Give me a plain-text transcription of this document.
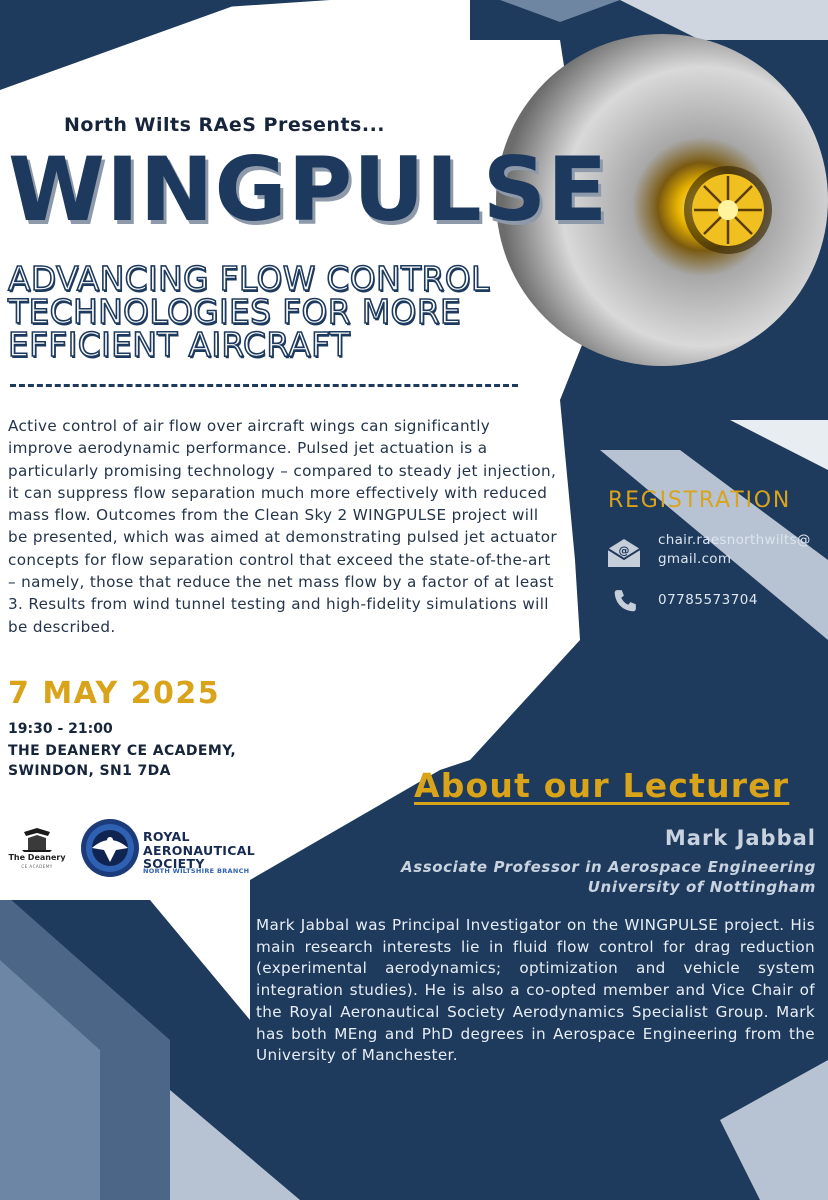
North Wilts RAeS Presents...
WINGPULSE
ADVANCING FLOW CONTROL
TECHNOLOGIES FOR MORE
EFFICIENT AIRCRAFT
Active control of air flow over aircraft wings can significantly improve aerodynamic performance. Pulsed jet actuation is a particularly promising technology – compared to steady jet injection, it can suppress flow separation much more effectively with reduced mass flow. Outcomes from the Clean Sky 2 WINGPULSE project will be presented, which was aimed at demonstrating pulsed jet actuator concepts for flow separation control that exceed the state-of-the-art – namely, those that reduce the net mass flow by a factor of at least 3. Results from wind tunnel testing and high-fidelity simulations will be described.
7 MAY 2025
19:30 - 21:00
THE DEANERY CE ACADEMY,
SWINDON, SN1 7DA
REGISTRATION
@
chair.raesnorthwilts@
gmail.com
07785573704
About our Lecturer
Mark Jabbal
Associate Professor in Aerospace Engineering
University of Nottingham
Mark Jabbal was Principal Investigator on the WINGPULSE project. His main research interests lie in fluid flow control for drag reduction (experimental aerodynamics; optimization and vehicle system integration studies). He is also a co-opted member and Vice Chair of the Royal Aeronautical Society Aerodynamics Specialist Group. Mark has both MEng and PhD degrees in Aerospace Engineering from the University of Manchester.
The Deanery
CE ACADEMY
ROYAL
AERONAUTICAL
SOCIETY
NORTH WILTSHIRE BRANCH
